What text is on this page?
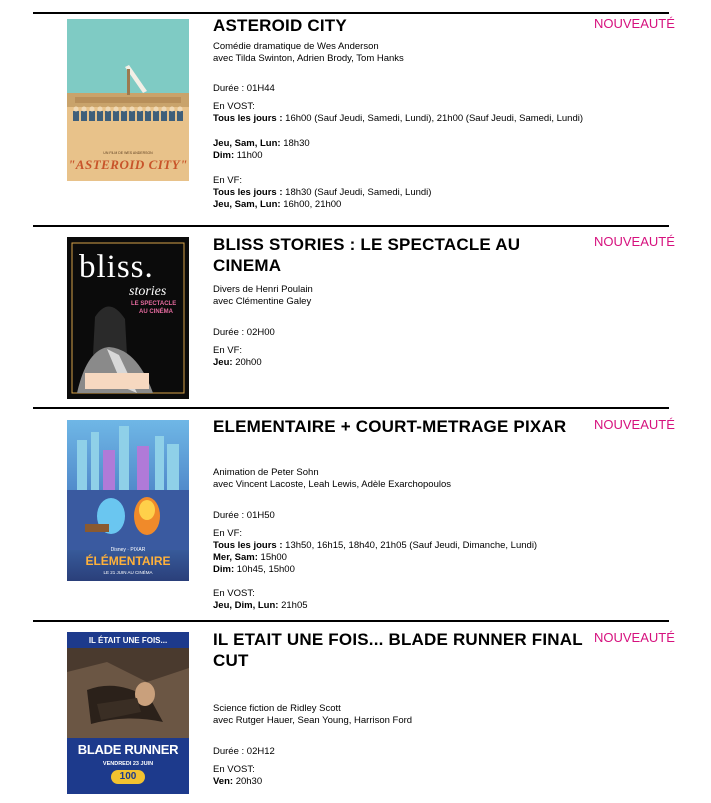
UN FILM DE WES ANDERSON
"ASTEROID CITY"
ASTEROID CITY	NOUVEAUTÉ
Comédie dramatique de Wes Anderson
avec Tilda Swinton, Adrien Brody, Tom Hanks
Durée : 01H44
En VOST:
Tous les jours : 16h00 (Sauf Jeudi, Samedi, Lundi), 21h00 (Sauf Jeudi, Samedi, Lundi)
Jeu, Sam, Lun: 18h30
Dim: 11h00
En VF:
Tous les jours : 18h30 (Sauf Jeudi, Samedi, Lundi)
Jeu, Sam, Lun: 16h00, 21h00
bliss.
stories
LE SPECTACLE
AU CINÉMA
BLISS STORIES : LE SPECTACLE AU CINEMA
NOUVEAUTÉ
Divers de Henri Poulain
avec Clémentine Galey
Durée : 02H00
En VF:
Jeu: 20h00
Disney · PIXAR
ÉLÉMENTAIRE
LE 21 JUIN AU CINÉMA
ELEMENTAIRE + COURT-METRAGE PIXAR	NOUVEAUTÉ
Animation de Peter Sohn
avec Vincent Lacoste, Leah Lewis, Adèle Exarchopoulos
Durée : 01H50
En VF:
Tous les jours : 13h50, 16h15, 18h40, 21h05 (Sauf Jeudi, Dimanche, Lundi)
Mer, Sam: 15h00
Dim: 10h45, 15h00
En VOST:
Jeu, Dim, Lun: 21h05
IL ÉTAIT UNE FOIS...
BLADE RUNNER
VENDREDI 23 JUIN
100
IL ETAIT UNE FOIS... BLADE RUNNER FINAL CUT
NOUVEAUTÉ
Science fiction de Ridley Scott
avec Rutger Hauer, Sean Young, Harrison Ford
Durée : 02H12
En VOST:
Ven: 20h30
